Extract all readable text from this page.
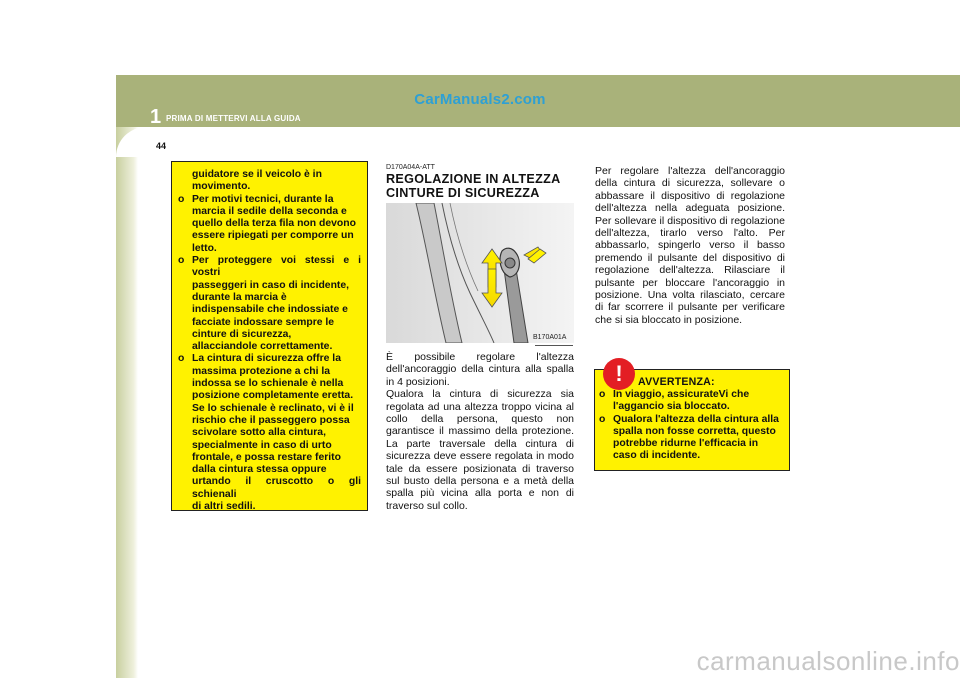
CarManuals2.com
1 PRIMA DI METTERVI ALLA GUIDA
44
guidatore se il veicolo è in
movimento.
o Per motivi tecnici, durante la
marcia il sedile della seconda e
quello della terza fila non devono
essere ripiegati per comporre un
letto.
o Per proteggere voi stessi e i vostri
passeggeri in caso di incidente,
durante la marcia è
indispensabile che indossiate e
facciate indossare sempre le
cinture di sicurezza,
allacciandole correttamente.
o La cintura di sicurezza offre la
massima protezione a chi la
indossa se lo schienale è nella
posizione completamente eretta.
Se lo schienale è reclinato, vi è il
rischio che il passeggero possa
scivolare sotto alla cintura,
specialmente in caso di urto
frontale, e possa restare ferito
dalla cintura stessa oppure
urtando il cruscotto o gli schienali
di altri sedili.
D170A04A-ATT
REGOLAZIONE IN ALTEZZA
CINTURE DI SICUREZZA
B170A01A
È possibile regolare l'altezza dell'ancoraggio della cintura alla spalla in 4 posizioni.
Qualora la cintura di sicurezza sia regolata ad una altezza troppo vicina al collo della persona, questo non garantisce il massimo della protezione. La parte traversale della cintura di sicurezza deve essere regolata in modo tale da essere posizionata di traverso sul busto della persona e a metà della spalla più vicina alla porta e non di traverso sul collo.
Per regolare l'altezza dell'ancoraggio della cintura di sicurezza, sollevare o abbassare il dispositivo di regolazione dell'altezza nella adeguata posizione. Per sollevare il dispositivo di regolazione dell'altezza, tirarlo verso l'alto. Per abbassarlo, spingerlo verso il basso premendo il pulsante del dispositivo di regolazione dell'altezza. Rilasciare il pulsante per bloccare l'ancoraggio in posizione. Una volta rilasciato, cercare di far scorrere il pulsante per verificare che si sia bloccato in posizione.
!	AVVERTENZA:
o In viaggio, assicurateVi che
l'aggancio sia bloccato.
o Qualora l'altezza della cintura alla
spalla non fosse corretta, questo
potrebbe ridurne l'efficacia in
caso di incidente.
carmanualsonline.info
